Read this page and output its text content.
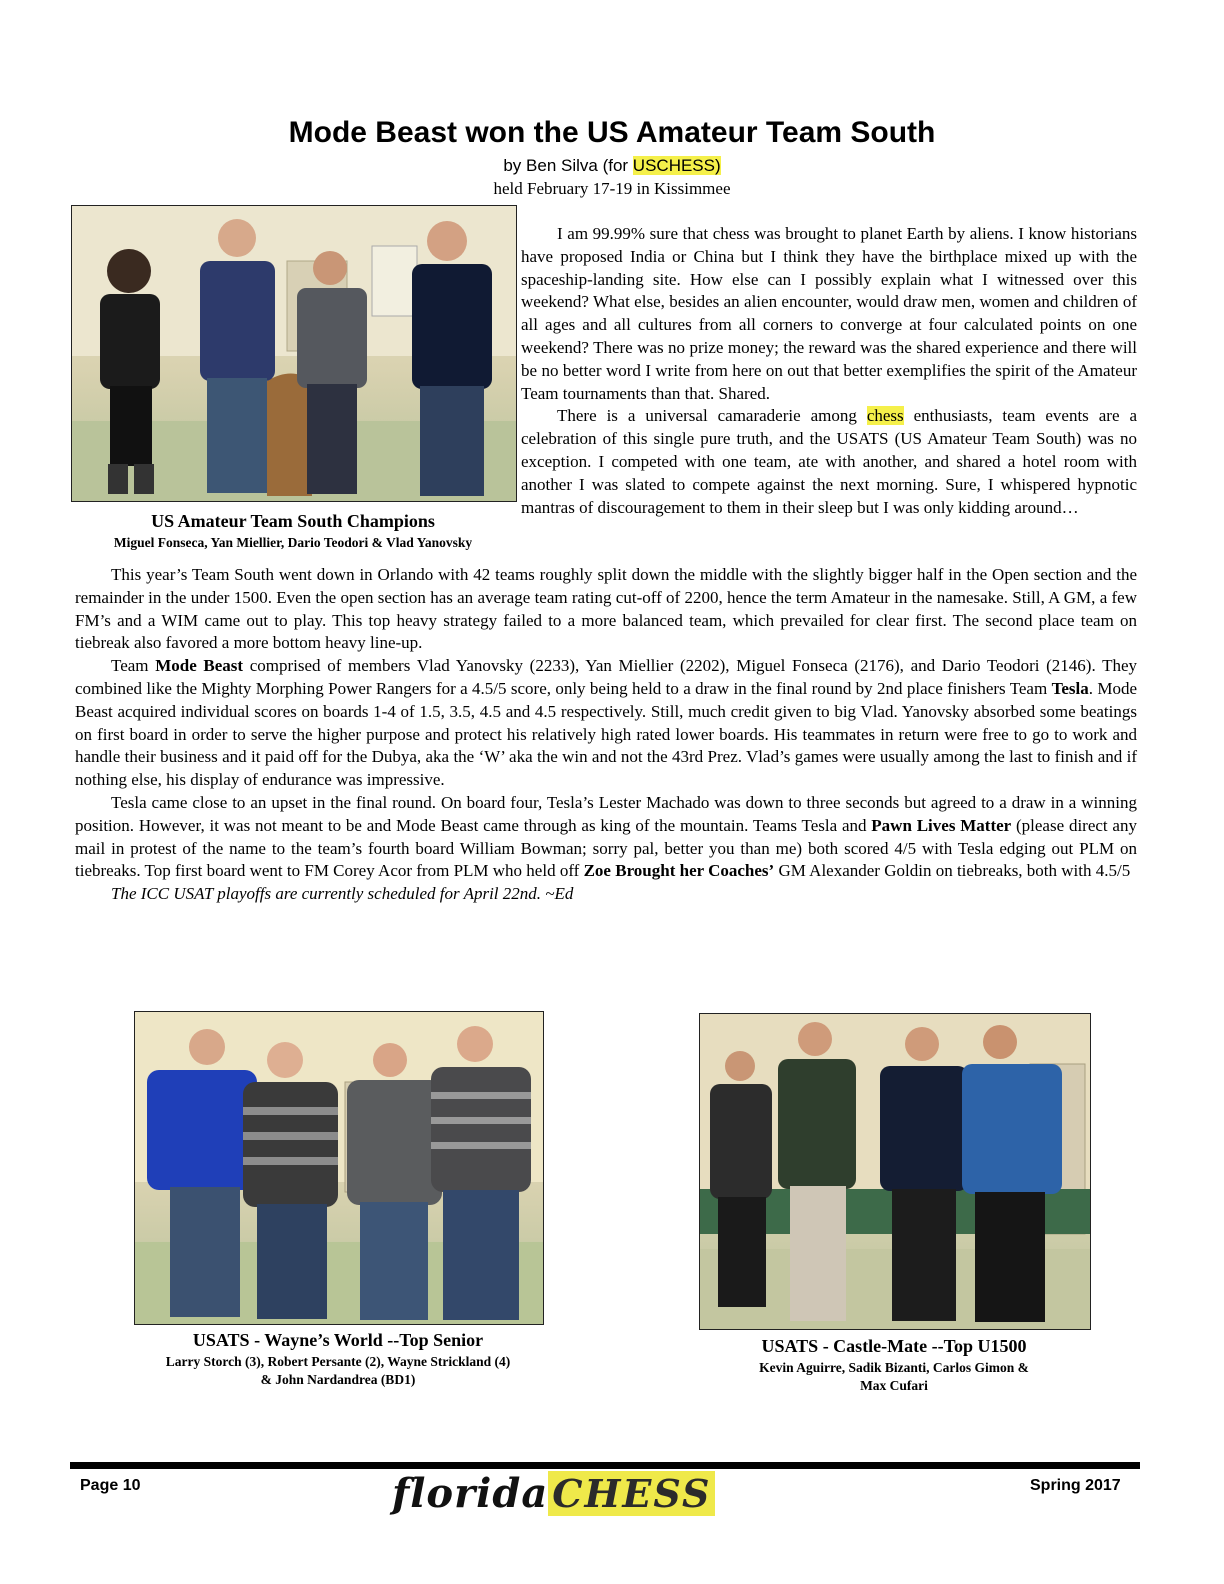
Mode Beast won the US Amateur Team South
by Ben Silva (for USCHESS)
held February 17-19 in Kissimmee
US Amateur Team South Champions
Miguel Fonseca, Yan Miellier, Dario Teodori & Vlad Yanovsky

I am 99.99% sure that chess was brought to planet Earth by aliens. I know historians have proposed India or China but I think they have the birthplace mixed up with the spaceship-landing site. How else can I possibly explain what I witnessed over this weekend? What else, besides an alien encounter, would draw men, women and children of all ages and all cultures from all corners to converge at four calculated points on one weekend? There was no prize money; the reward was the shared experience and there will be no better word I write from here on out that better exemplifies the spirit of the Amateur Team tournaments than that. Shared.

There is a universal camaraderie among chess enthusiasts, team events are a celebration of this single pure truth, and the USATS (US Amateur Team South) was no exception. I competed with one team, ate with another, and shared a hotel room with another I was slated to compete against the next morning. Sure, I whispered hypnotic mantras of discouragement to them in their sleep but I was only kidding around…

This year’s Team South went down in Orlando with 42 teams roughly split down the middle with the slightly bigger half in the Open section and the remainder in the under 1500. Even the open section has an average team rating cut-off of 2200, hence the term Amateur in the namesake. Still, A GM, a few FM’s and a WIM came out to play. This top heavy strategy failed to a more balanced team, which prevailed for clear first. The second place team on tiebreak also favored a more bottom heavy line-up.

Team Mode Beast comprised of members Vlad Yanovsky (2233), Yan Miellier (2202), Miguel Fonseca (2176), and Dario Teodori (2146). They combined like the Mighty Morphing Power Rangers for a 4.5/5 score, only being held to a draw in the final round by 2nd place finishers Team Tesla. Mode Beast acquired individual scores on boards 1-4 of 1.5, 3.5, 4.5 and 4.5 respectively. Still, much credit given to big Vlad. Yanovsky absorbed some beatings on first board in order to serve the higher purpose and protect his relatively high rated lower boards. His teammates in return were free to go to work and handle their business and it paid off for the Dubya, aka the ‘W’ aka the win and not the 43rd Prez. Vlad’s games were usually among the last to finish and if nothing else, his display of endurance was impressive.

Tesla came close to an upset in the final round. On board four, Tesla’s Lester Machado was down to three seconds but agreed to a draw in a winning position. However, it was not meant to be and Mode Beast came through as king of the mountain. Teams Tesla and Pawn Lives Matter (please direct any mail in protest of the name to the team’s fourth board William Bowman; sorry pal, better you than me) both scored 4/5 with Tesla edging out PLM on tiebreaks. Top first board went to FM Corey Acor from PLM who held off Zoe Brought her Coaches’ GM Alexander Goldin on tiebreaks, both with 4.5/5

The ICC USAT playoffs are currently scheduled for April 22nd. ~Ed

USATS - Wayne’s World --Top Senior
Larry Storch (3), Robert Persante (2), Wayne Strickland (4)
& John Nardandrea (BD1)
USATS - Castle-Mate --Top U1500
Kevin Aguirre, Sadik Bizanti, Carlos Gimon &
Max Cufari
Page 10	florida CHESS	Spring 2017
